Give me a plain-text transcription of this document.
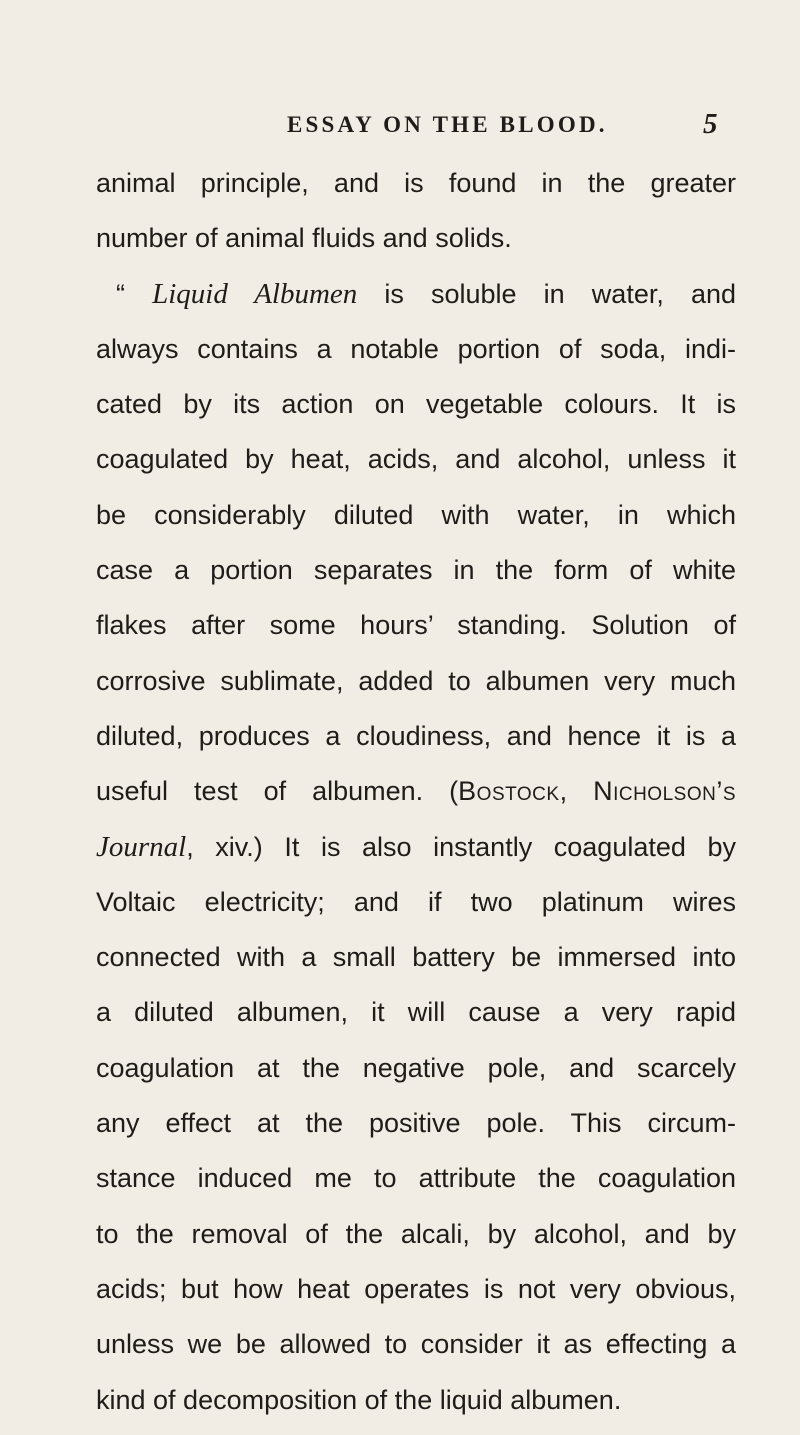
ESSAY ON THE BLOOD.	5
animal principle, and is found in the greater
number of animal fluids and solids.
“ Liquid Albumen is soluble in water, and
always contains a notable portion of soda, indi-
cated by its action on vegetable colours. It is
coagulated by heat, acids, and alcohol, unless it
be considerably diluted with water, in which
case a portion separates in the form of white
flakes after some hours’ standing. Solution of
corrosive sublimate, added to albumen very much
diluted, produces a cloudiness, and hence it is a
useful test of albumen. (Bostock, Nicholson’s
Journal, xiv.) It is also instantly coagulated by
Voltaic electricity; and if two platinum wires
connected with a small battery be immersed into
a diluted albumen, it will cause a very rapid
coagulation at the negative pole, and scarcely
any effect at the positive pole. This circum-
stance induced me to attribute the coagulation
to the removal of the alcali, by alcohol, and by
acids; but how heat operates is not very obvious,
unless we be allowed to consider it as effecting a
kind of decomposition of the liquid albumen.
